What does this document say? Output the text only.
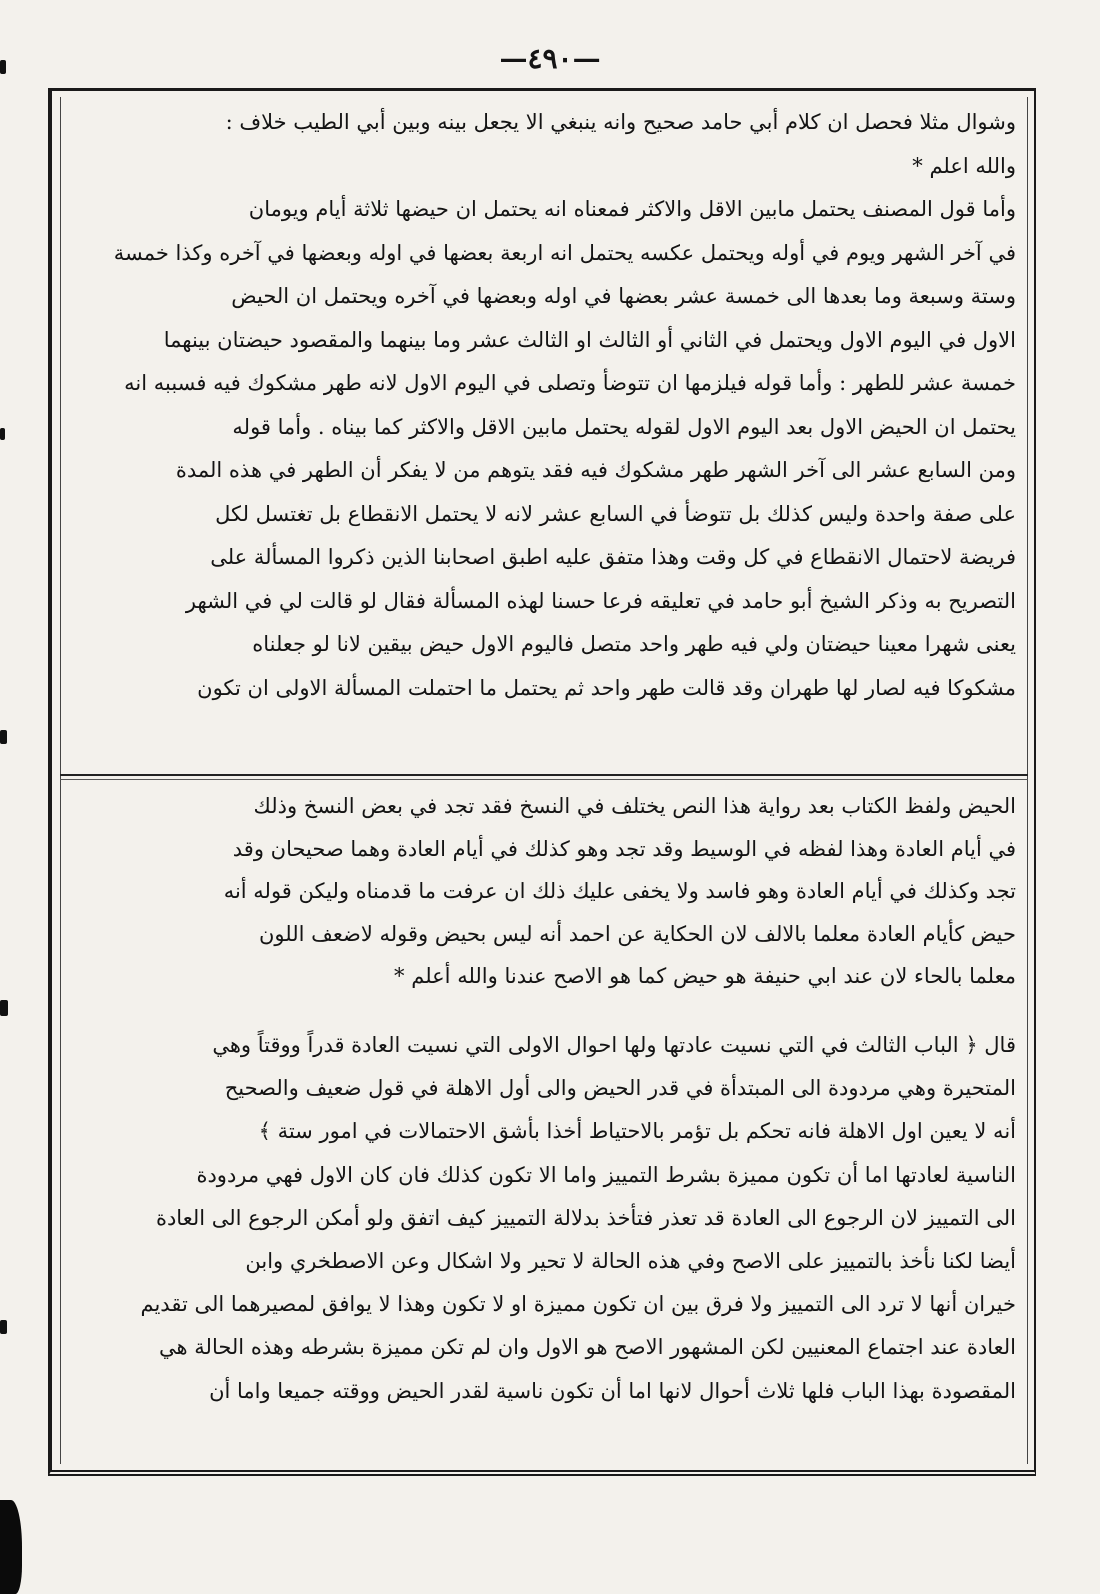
—٤٩٠—

وشوال مثلا فحصل ان كلام أبي حامد صحيح وانه ينبغي الا يجعل بينه وبين أبي الطيب خلاف :

والله اعلم *

وأما قول المصنف يحتمل مابين الاقل والاكثر فمعناه انه يحتمل ان حيضها ثلاثة أيام ويومان

في آخر الشهر ويوم في أوله ويحتمل عكسه يحتمل انه اربعة بعضها في اوله وبعضها في آخره وكذا خمسة

وستة وسبعة وما بعدها الى خمسة عشر بعضها في اوله وبعضها في آخره ويحتمل ان الحيض

الاول في اليوم الاول ويحتمل في الثاني أو الثالث او الثالث عشر وما بينهما والمقصود حيضتان بينهما

خمسة عشر للطهر : وأما قوله فيلزمها ان تتوضأ وتصلى في اليوم الاول لانه طهر مشكوك فيه فسببه انه

يحتمل ان الحيض الاول بعد اليوم الاول لقوله يحتمل مابين الاقل والاكثر كما بيناه . وأما قوله

ومن السابع عشر الى آخر الشهر طهر مشكوك فيه فقد يتوهم من لا يفكر أن الطهر في هذه المدة

على صفة واحدة وليس كذلك بل تتوضأ في السابع عشر لانه لا يحتمل الانقطاع بل تغتسل لكل

فريضة لاحتمال الانقطاع في كل وقت وهذا متفق عليه اطبق اصحابنا الذين ذكروا المسألة على

التصريح به وذكر الشيخ أبو حامد في تعليقه فرعا حسنا لهذه المسألة فقال لو قالت لي في الشهر

يعنى شهرا معينا حيضتان ولي فيه طهر واحد متصل فاليوم الاول حيض بيقين لانا لو جعلناه

مشكوكا فيه لصار لها طهران وقد قالت طهر واحد ثم يحتمل ما احتملت المسألة الاولى ان تكون

الحيض ولفظ الكتاب بعد رواية هذا النص يختلف في النسخ فقد تجد في بعض النسخ وذلك

في أيام العادة وهذا لفظه في الوسيط وقد تجد وهو كذلك في أيام العادة وهما صحيحان وقد

تجد وكذلك في أيام العادة وهو فاسد ولا يخفى عليك ذلك ان عرفت ما قدمناه وليكن قوله أنه

حيض كأيام العادة معلما بالالف لان الحكاية عن احمد أنه ليس بحيض وقوله لاضعف اللون

معلما بالحاء لان عند ابي حنيفة هو حيض كما هو الاصح عندنا والله أعلم *

قال ﴿ الباب الثالث في التي نسيت عادتها ولها احوال الاولى التي نسيت العادة قدراً ووقتاً وهي

المتحيرة وهي مردودة الى المبتدأة في قدر الحيض والى أول الاهلة في قول ضعيف والصحيح

أنه لا يعين اول الاهلة فانه تحكم بل تؤمر بالاحتياط أخذا بأشق الاحتمالات في امور ستة ﴾

الناسية لعادتها اما أن تكون مميزة بشرط التمييز واما الا تكون كذلك فان كان الاول فهي مردودة

الى التمييز لان الرجوع الى العادة قد تعذر فتأخذ بدلالة التمييز كيف اتفق ولو أمكن الرجوع الى العادة

أيضا لكنا نأخذ بالتمييز على الاصح وفي هذه الحالة لا تحير ولا اشكال وعن الاصطخري وابن

خيران أنها لا ترد الى التمييز ولا فرق بين ان تكون مميزة او لا تكون وهذا لا يوافق لمصيرهما الى تقديم

العادة عند اجتماع المعنيين لكن المشهور الاصح هو الاول وان لم تكن مميزة بشرطه وهذه الحالة هي

المقصودة بهذا الباب فلها ثلاث أحوال لانها اما أن تكون ناسية لقدر الحيض ووقته جميعا واما أن
